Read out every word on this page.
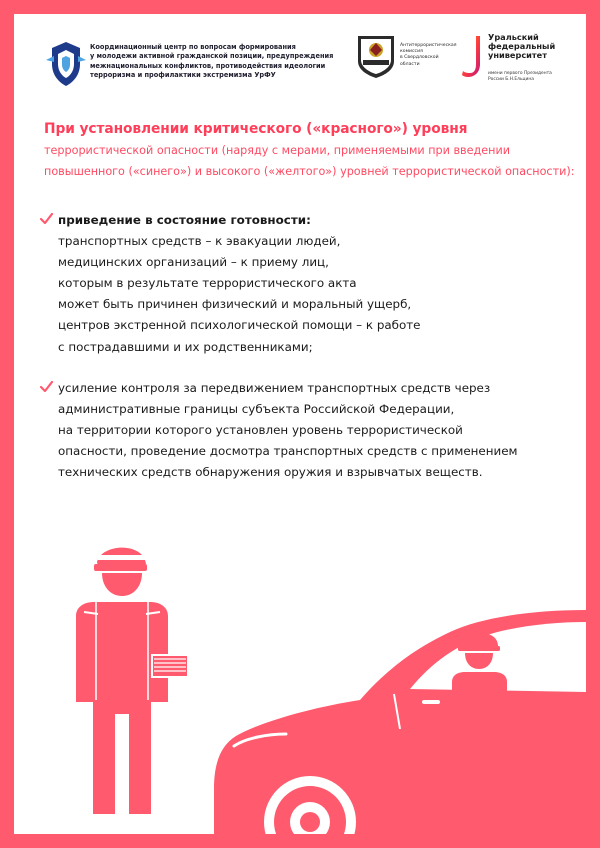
Координационный центр по вопросам формирования
у молодежи активной гражданской позиции, предупреждения
межнациональных конфликтов, противодействия идеологии
терроризма и профилактики экстремизма УрФУ
Антитеррористическая
комиссия
в Свердловской
области
Уральский
федеральный
университет
имени первого Президента
России Б.Н.Ельцина
При установлении критического («красного») уровня
террористической опасности (наряду с мерами, применяемыми при введении
повышенного («синего») и высокого («желтого») уровней террористической опасности):
приведение в состояние готовности:
транспортных средств – к эвакуации людей,
медицинских организаций – к приему лиц,
которым в результате террористического акта
может быть причинен физический и моральный ущерб,
центров экстренной психологической помощи – к работе
с пострадавшими и их родственниками;
усиление контроля за передвижением транспортных средств через
административные границы субъекта Российской Федерации,
на территории которого установлен уровень террористической
опасности, проведение досмотра транспортных средств с применением
технических средств обнаружения оружия и взрывчатых веществ.
